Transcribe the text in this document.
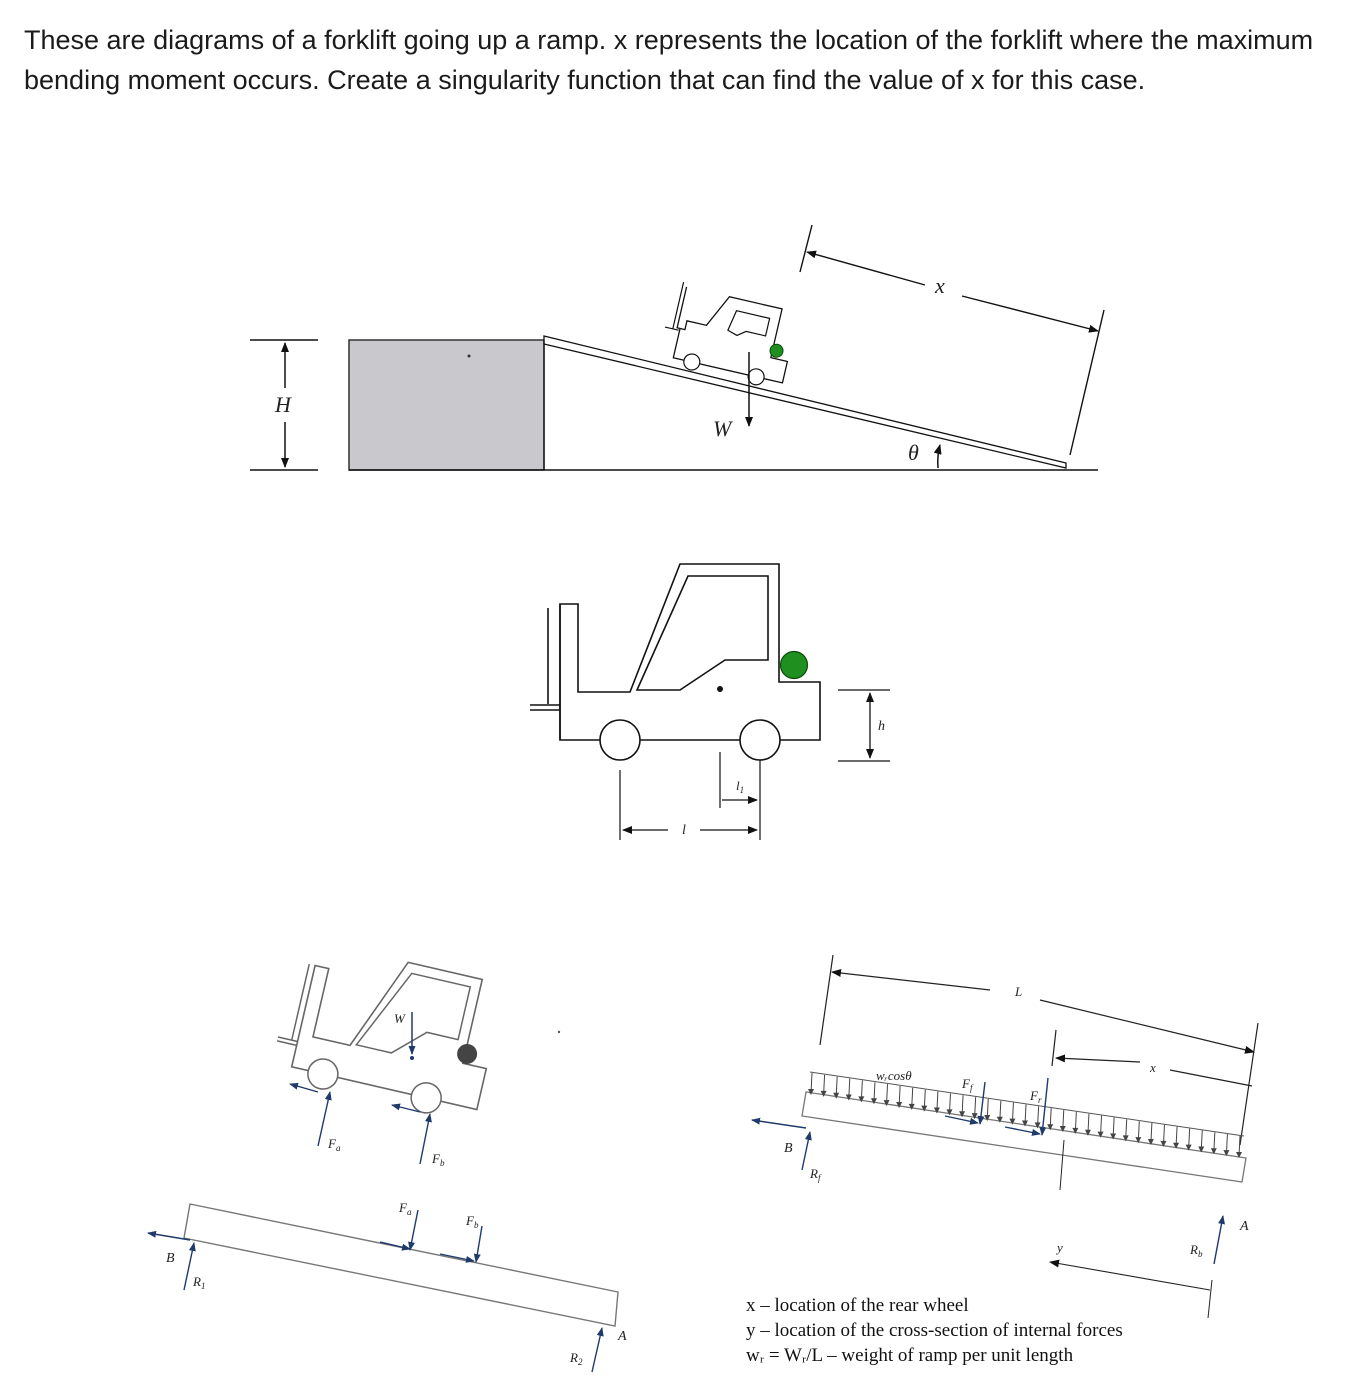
These are diagrams of a forklift going up a ramp. x represents the location of the forklift where the maximum bending moment occurs. Create a singularity function that can find the value of x for this case.
H
W
θ
x
h
l
$l_1$
W
$F_a$
$F_b$
B
$R_1$
$F_a$
$F_b$
A
$R_2$
L
x
wᵣcosθ
$F_f$	$F_r$
B
$R_f$
y
A
$R_b$
x – location of the rear wheel
y – location of the cross-section of internal forces
wᵣ = Wᵣ/L – weight of ramp per unit length
